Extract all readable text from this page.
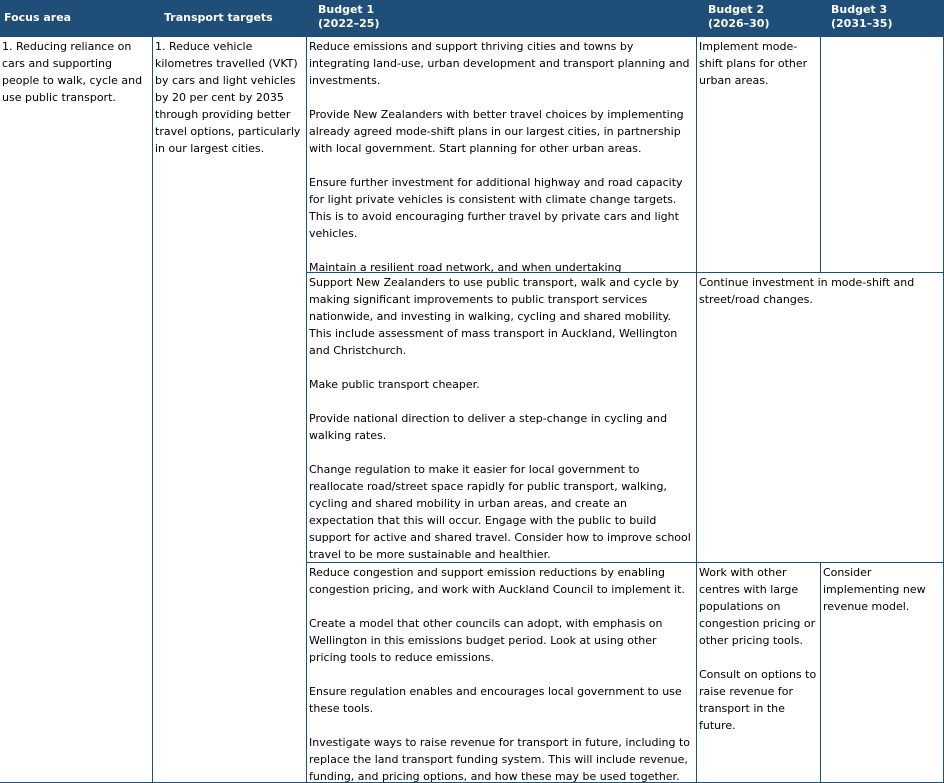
Focus area	Transport targets
Budget 1
(2022–25)
Budget 2
(2026–30)
Budget 3
(2031–35)

1. Reducing reliance on cars and supporting people to walk, cycle and use public transport.

1. Reduce vehicle kilometres travelled (VKT) by cars and light vehicles by 20 per cent by 2035 through providing better travel options, particularly in our largest cities.

Reduce emissions and support thriving cities and towns by integrating land-use, urban development and transport planning and investments.

Provide New Zealanders with better travel choices by implementing already agreed mode-shift plans in our largest cities, in partnership with local government. Start planning for other urban areas.

Ensure further investment for additional highway and road capacity for light private vehicles is consistent with climate change targets. This is to avoid encouraging further travel by private cars and light vehicles.

Maintain a resilient road network, and when undertaking

Implement mode-shift plans for other urban areas.

Support New Zealanders to use public transport, walk and cycle by making significant improvements to public transport services nationwide, and investing in walking, cycling and shared mobility. This include assessment of mass transport in Auckland, Wellington and Christchurch.

Make public transport cheaper.

Provide national direction to deliver a step-change in cycling and walking rates.

Change regulation to make it easier for local government to reallocate road/street space rapidly for public transport, walking, cycling and shared mobility in urban areas, and create an expectation that this will occur. Engage with the public to build support for active and shared travel. Consider how to improve school travel to be more sustainable and healthier.

Continue investment in mode-shift and street/road changes.

Reduce congestion and support emission reductions by enabling congestion pricing, and work with Auckland Council to implement it.

Create a model that other councils can adopt, with emphasis on Wellington in this emissions budget period. Look at using other pricing tools to reduce emissions.

Ensure regulation enables and encourages local government to use these tools.

Investigate ways to raise revenue for transport in future, including to replace the land transport funding system. This will include revenue, funding, and pricing options, and how these may be used together.

Work with other centres with large populations on congestion pricing or other pricing tools.

Consult on options to raise revenue for transport in the future.

Consider implementing new revenue model.
